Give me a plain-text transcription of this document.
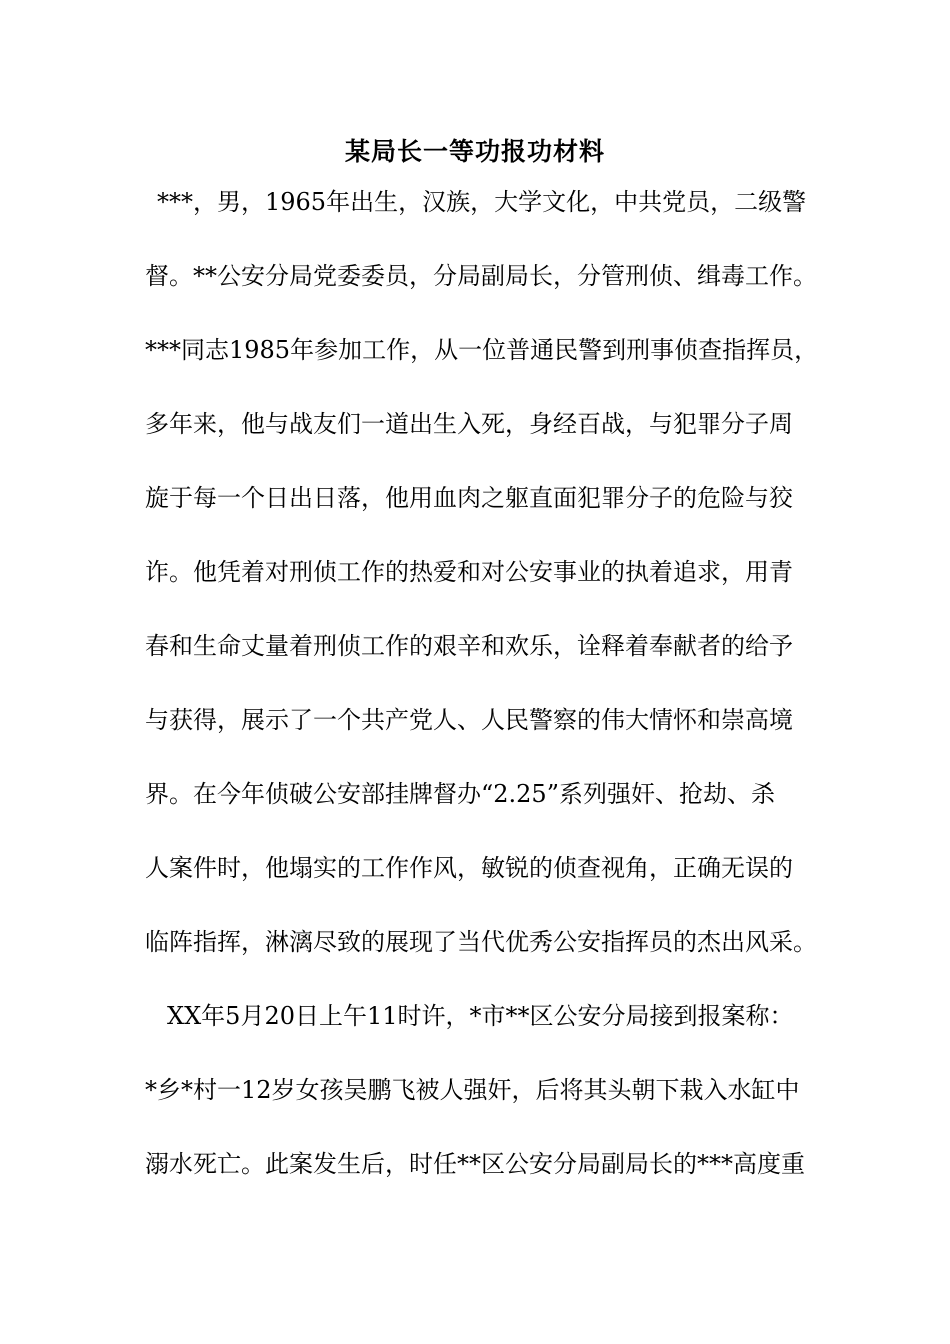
某局长一等功报功材料
***，男，1965年出生，汉族，大学文化，中共党员，二级警
督。**公安分局党委委员，分局副局长，分管刑侦、缉毒工作。
***同志1985年参加工作，从一位普通民警到刑事侦查指挥员，
多年来，他与战友们一道出生入死，身经百战，与犯罪分子周
旋于每一个日出日落，他用血肉之躯直面犯罪分子的危险与狡
诈。他凭着对刑侦工作的热爱和对公安事业的执着追求，用青
春和生命丈量着刑侦工作的艰辛和欢乐，诠释着奉献者的给予
与获得，展示了一个共产党人、人民警察的伟大情怀和崇高境
界。在今年侦破公安部挂牌督办“2.25”系列强奸、抢劫、杀
人案件时，他塌实的工作作风，敏锐的侦查视角，正确无误的
临阵指挥，淋漓尽致的展现了当代优秀公安指挥员的杰出风采。
XX年5月20日上午11时许，*市**区公安分局接到报案称：
*乡*村一12岁女孩吴鹏飞被人强奸，后将其头朝下栽入水缸中
溺水死亡。此案发生后，时任**区公安分局副局长的***高度重
